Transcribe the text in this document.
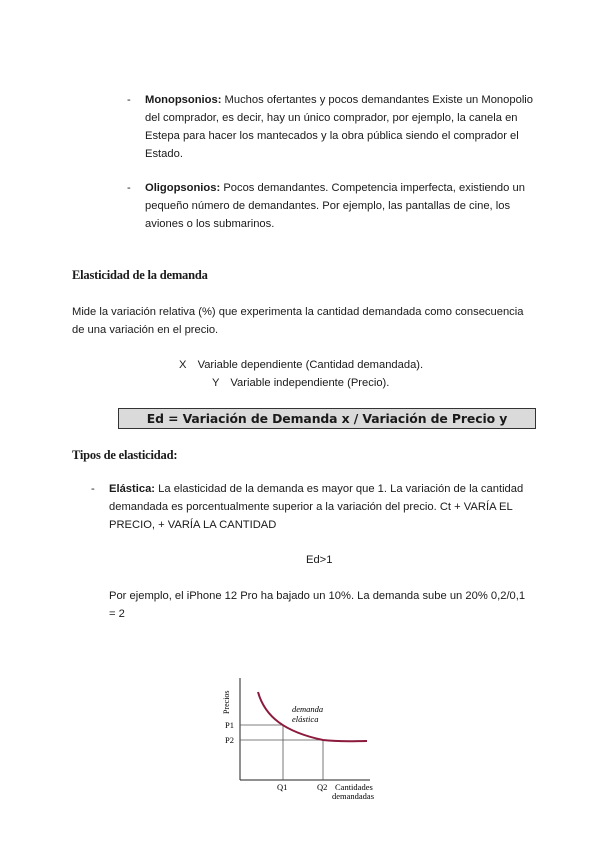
- Monopsonios: Muchos ofertantes y pocos demandantes Existe un Monopolio
del comprador, es decir, hay un único comprador, por ejemplo, la canela en
Estepa para hacer los mantecados y la obra pública siendo el comprador el
Estado.
- Oligopsonios: Pocos demandantes. Competencia imperfecta, existiendo un
pequeño número de demandantes. Por ejemplo, las pantallas de cine, los
aviones o los submarinos.
Elasticidad de la demanda
Mide la variación relativa (%) que experimenta la cantidad demandada como consecuencia
de una variación en el precio.
X Variable dependiente (Cantidad demandada).
Y Variable independiente (Precio).
Ed = Variación de Demanda x / Variación de Precio y
Tipos de elasticidad:
- Elástica: La elasticidad de la demanda es mayor que 1. La variación de la cantidad
demandada es porcentualmente superior a la variación del precio. Ct + VARÍA EL
PRECIO, + VARÍA LA CANTIDAD
Ed>1
Por ejemplo, el iPhone 12 Pro ha bajado un 10%. La demanda sube un 20% 0,2/0,1
= 2
Precios
P1
P2
Q1	Q2 Cantidades
demandadas
demanda
elástica
